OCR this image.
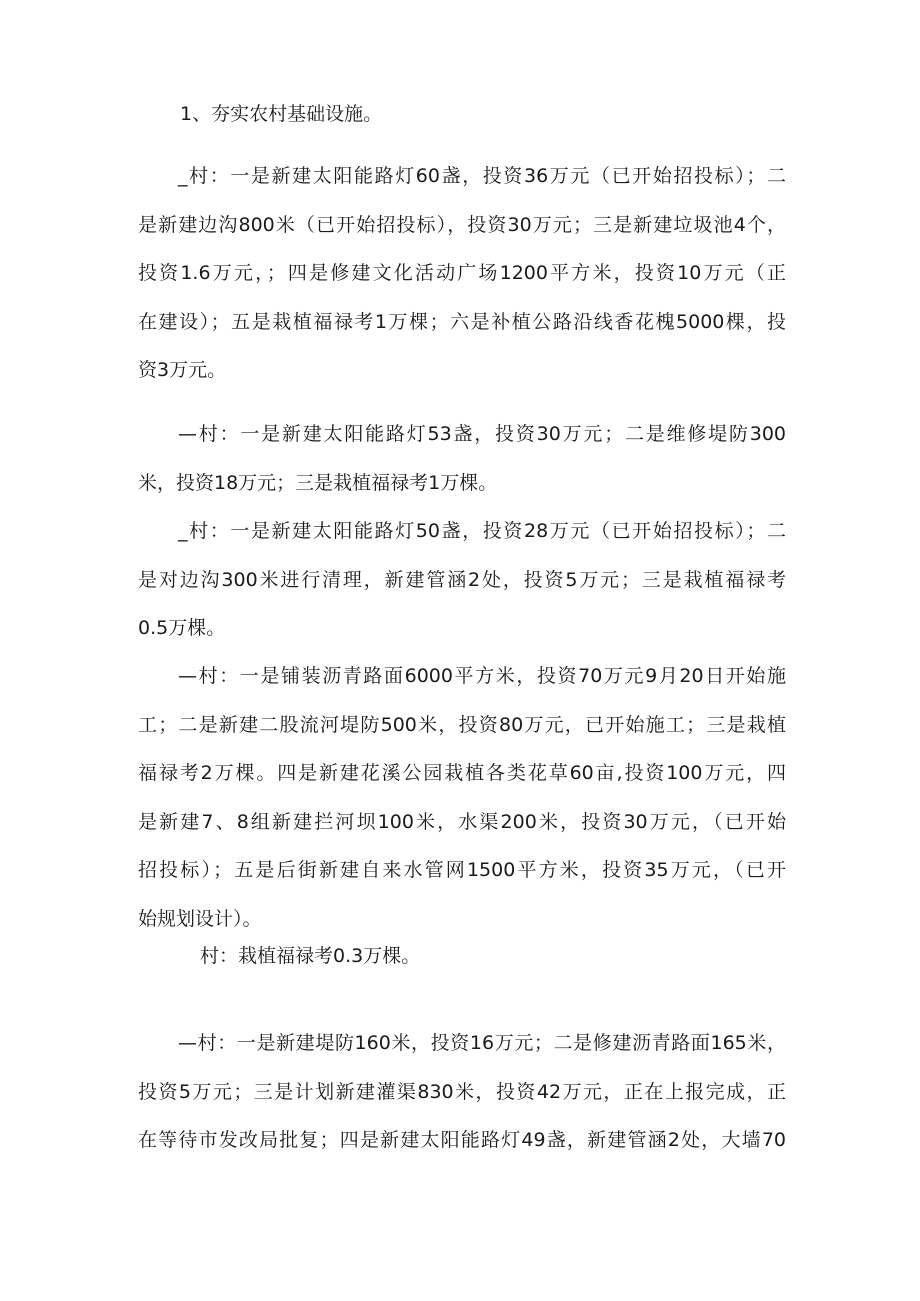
1、夯实农村基础设施。
_村：一是新建太阳能路灯60盏，投资36万元（已开始招投标）；二
是新建边沟800米（已开始招投标），投资30万元；三是新建垃圾池4个，
投资1.6万元，；四是修建文化活动广场1200平方米，投资10万元（正
在建设）；五是栽植福禄考1万棵；六是补植公路沿线香花槐5000棵，投
资3万元。
—村：一是新建太阳能路灯53盏，投资30万元；二是维修堤防300
米，投资18万元；三是栽植福禄考1万棵。
_村：一是新建太阳能路灯50盏，投资28万元（已开始招投标）；二
是对边沟300米进行清理，新建管涵2处，投资5万元；三是栽植福禄考
0.5万棵。
—村：一是铺装沥青路面6000平方米，投资70万元9月20日开始施
工；二是新建二股流河堤防500米，投资80万元，已开始施工；三是栽植
福禄考2万棵。四是新建花溪公园栽植各类花草60亩,投资100万元，四
是新建7、8组新建拦河坝100米，水渠200米，投资30万元，（已开始
招投标）；五是后街新建自来水管网1500平方米，投资35万元，（已开
始规划设计）。
村：栽植福禄考0.3万棵。
—村：一是新建堤防160米，投资16万元；二是修建沥青路面165米，
投资5万元；三是计划新建灌渠830米，投资42万元，正在上报完成，正
在等待市发改局批复；四是新建太阳能路灯49盏，新建管涵2处，大墙70
